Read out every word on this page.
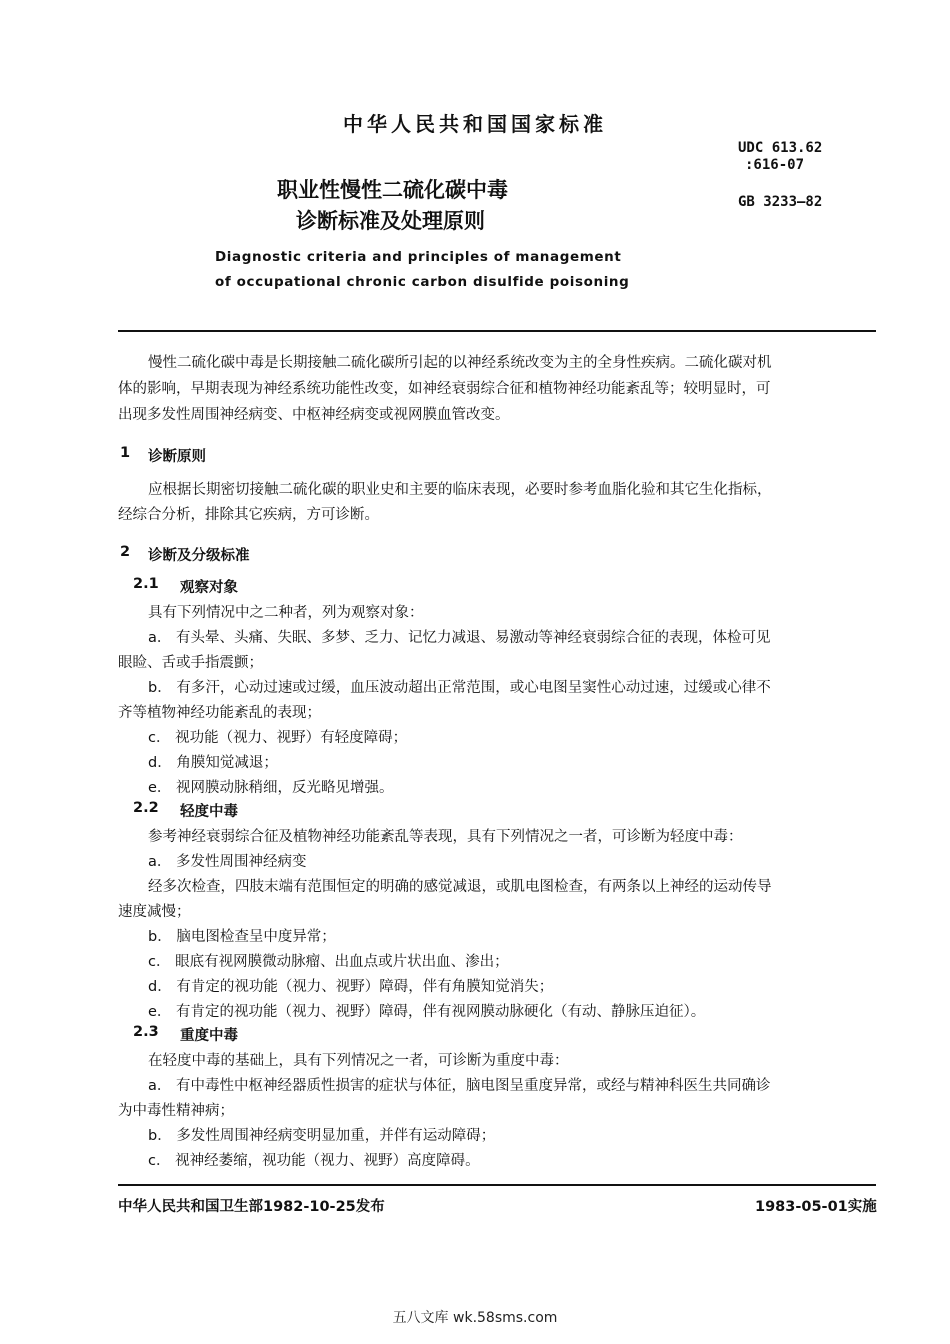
中华人民共和国国家标准
UDC 613.62
:616-07
GB 3233—82
职业性慢性二硫化碳中毒
诊断标准及处理原则
Diagnostic criteria and principles of management
of occupational chronic carbon disulfide poisoning
慢性二硫化碳中毒是长期接触二硫化碳所引起的以神经系统改变为主的全身性疾病。二硫化碳对机
体的影响，早期表现为神经系统功能性改变，如神经衰弱综合征和植物神经功能紊乱等；较明显时，可
出现多发性周围神经病变、中枢神经病变或视网膜血管改变。
1 诊断原则
应根据长期密切接触二硫化碳的职业史和主要的临床表现，必要时参考血脂化验和其它生化指标，
经综合分析，排除其它疾病，方可诊断。
2 诊断及分级标准
2.1 观察对象
具有下列情况中之二种者，列为观察对象：
a． 有头晕、头痛、失眠、多梦、乏力、记忆力减退、易激动等神经衰弱综合征的表现，体检可见
眼睑、舌或手指震颤；
b． 有多汗，心动过速或过缓，血压波动超出正常范围，或心电图呈窦性心动过速，过缓或心律不
齐等植物神经功能紊乱的表现；
c． 视功能（视力、视野）有轻度障碍；
d． 角膜知觉减退；
e． 视网膜动脉稍细，反光略见增强。
2.2 轻度中毒
参考神经衰弱综合征及植物神经功能紊乱等表现，具有下列情况之一者，可诊断为轻度中毒：
a． 多发性周围神经病变
经多次检查，四肢末端有范围恒定的明确的感觉减退，或肌电图检查，有两条以上神经的运动传导
速度减慢；
b． 脑电图检查呈中度异常；
c． 眼底有视网膜微动脉瘤、出血点或片状出血、渗出；
d． 有肯定的视功能（视力、视野）障碍，伴有角膜知觉消失；
e． 有肯定的视功能（视力、视野）障碍，伴有视网膜动脉硬化（有动、静脉压迫征）。
2.3 重度中毒
在轻度中毒的基础上，具有下列情况之一者，可诊断为重度中毒：
a． 有中毒性中枢神经器质性损害的症状与体征，脑电图呈重度异常，或经与精神科医生共同确诊
为中毒性精神病；
b． 多发性周围神经病变明显加重，并伴有运动障碍；
c． 视神经萎缩，视功能（视力、视野）高度障碍。
中华人民共和国卫生部1982-10-25发布	1983-05-01实施
五八文库 wk.58sms.com
